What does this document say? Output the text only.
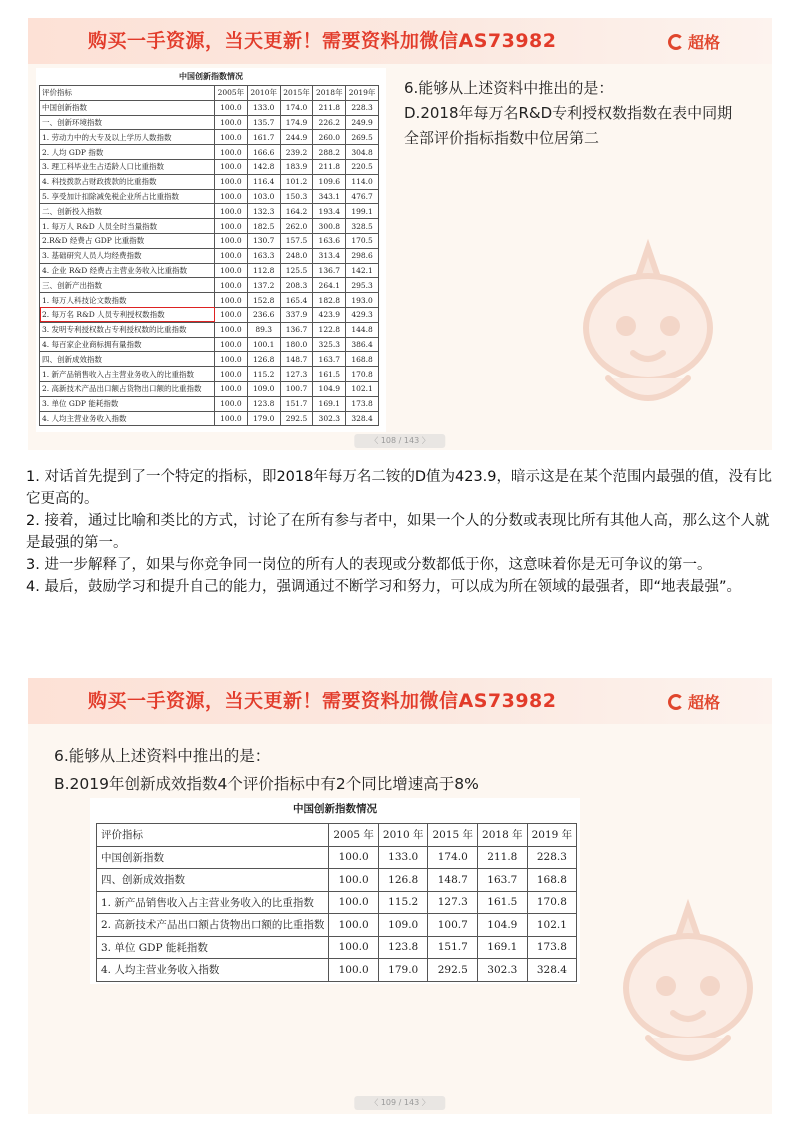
购买一手资源，当天更新！需要资料加微信AS73982	超格
中国创新指数情况
评价指标	2005年	2010年	2015年	2018年	2019年
中国创新指数	100.0	133.0	174.0	211.8	228.3
一、创新环境指数	100.0	135.7	174.9	226.2	249.9
1. 劳动力中的大专及以上学历人数指数	100.0	161.7	244.9	260.0	269.5
2. 人均 GDP 指数	100.0	166.6	239.2	288.2	304.8
3. 理工科毕业生占适龄人口比重指数	100.0	142.8	183.9	211.8	220.5
4. 科技拨款占财政拨款的比重指数	100.0	116.4	101.2	109.6	114.0
5. 享受加计扣除减免税企业所占比重指数	100.0	103.0	150.3	343.1	476.7
二、创新投入指数	100.0	132.3	164.2	193.4	199.1
1. 每万人 R&D 人员全时当量指数	100.0	182.5	262.0	300.8	328.5
2.R&D 经费占 GDP 比重指数	100.0	130.7	157.5	163.6	170.5
3. 基础研究人员人均经费指数	100.0	163.3	248.0	313.4	298.6
4. 企业 R&D 经费占主营业务收入比重指数	100.0	112.8	125.5	136.7	142.1
三、创新产出指数	100.0	137.2	208.3	264.1	295.3
1. 每万人科技论文数指数	100.0	152.8	165.4	182.8	193.0
2. 每万名 R&D 人员专利授权数指数	100.0	236.6	337.9	423.9	429.3
3. 发明专利授权数占专利授权数的比重指数	100.0	89.3	136.7	122.8	144.8
4. 每百家企业商标拥有量指数	100.0	100.1	180.0	325.3	386.4
四、创新成效指数	100.0	126.8	148.7	163.7	168.8
1. 新产品销售收入占主营业务收入的比重指数	100.0	115.2	127.3	161.5	170.8
2. 高新技术产品出口额占货物出口额的比重指数	100.0	109.0	100.7	104.9	102.1
3. 单位 GDP 能耗指数	100.0	123.8	151.7	169.1	173.8
4. 人均主营业务收入指数	100.0	179.0	292.5	302.3	328.4
6.能够从上述资料中推出的是：
D.2018年每万名R&D专利授权数指数在表中同期全部评价指标指数中位居第二
〈 108 / 143 〉

1. 对话首先提到了一个特定的指标，即2018年每万名二铵的D值为423.9，暗示这是在某个范围内最强的值，没有比它更高的。

2. 接着，通过比喻和类比的方式，讨论了在所有参与者中，如果一个人的分数或表现比所有其他人高，那么这个人就是最强的第一。

3. 进一步解释了，如果与你竞争同一岗位的所有人的表现或分数都低于你，这意味着你是无可争议的第一。

4. 最后，鼓励学习和提升自己的能力，强调通过不断学习和努力，可以成为所在领域的最强者，即“地表最强”。

购买一手资源，当天更新！需要资料加微信AS73982	超格
6.能够从上述资料中推出的是：
B.2019年创新成效指数4个评价指标中有2个同比增速高于8%
中国创新指数情况
评价指标	2005 年	2010 年	2015 年	2018 年	2019 年
中国创新指数	100.0	133.0	174.0	211.8	228.3
四、创新成效指数	100.0	126.8	148.7	163.7	168.8
1. 新产品销售收入占主营业务收入的比重指数	100.0	115.2	127.3	161.5	170.8
2. 高新技术产品出口额占货物出口额的比重指数	100.0	109.0	100.7	104.9	102.1
3. 单位 GDP 能耗指数	100.0	123.8	151.7	169.1	173.8
4. 人均主营业务收入指数	100.0	179.0	292.5	302.3	328.4
〈 109 / 143 〉
